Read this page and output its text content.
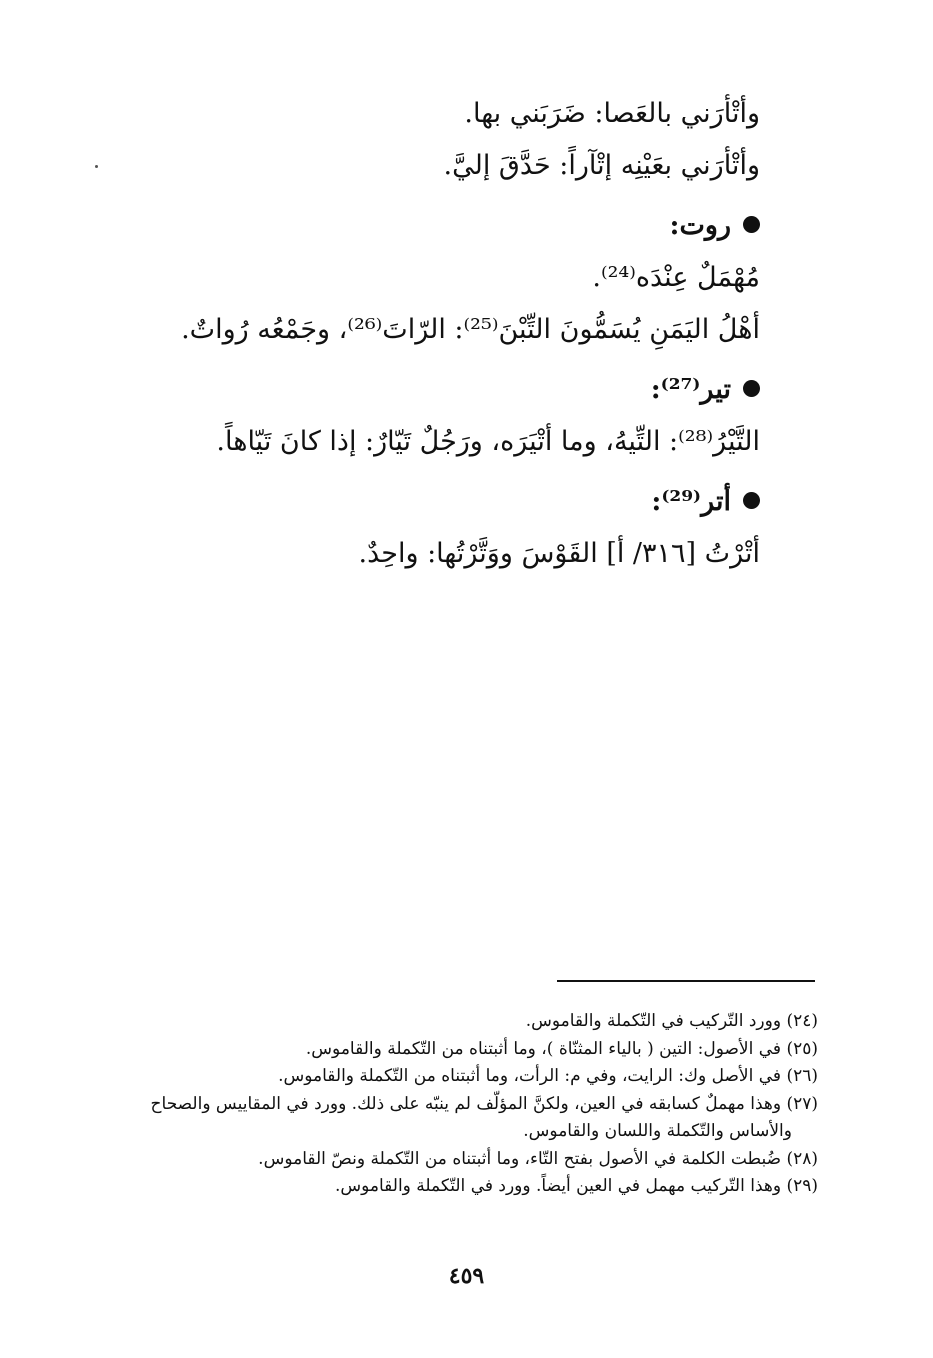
وأتْأرَني بالعَصا: ضَرَبَني بها.

وأتْأرَني بعَيْنِه إتْآراً: حَدَّقَ إليَّ.

روت:

مُهْمَلٌ عِنْدَه⁽²⁴⁾.

أهْلُ اليَمَنِ يُسَمُّونَ التِّبْنَ⁽²⁵⁾: الرّاتَ⁽²⁶⁾، وجَمْعُه رُواتٌ.

تير⁽²⁷⁾:

التَّيْرُ⁽²⁸⁾: التِّيهُ، وما أتْيَرَه، ورَجُلٌ تَيّارٌ: إذا كانَ تَيّاهاً.

أتر⁽²⁹⁾:

أتْرْتُ [٣١٦/ أ] القَوْسَ ووَتَّرْتُها: واحِدٌ.

(٢٤) وورد التّركيب في التّكملة والقاموس.

(٢٥) في الأصول: التين ( بالياء المثنّاة )، وما أثبتناه من التّكملة والقاموس.

(٢٦) في الأصل وك: الرايت، وفي م: الرأت، وما أثبتناه من التّكملة والقاموس.

(٢٧) وهذا مهملٌ كسابقه في العين، ولكنَّ المؤلّف لم ينبّه على ذلك. وورد في المقاييس والصحاح

والأساس والتّكملة واللسان والقاموس.

(٢٨) ضُبطت الكلمة في الأصول بفتح التّاء، وما أثبتناه من التّكملة ونصّ القاموس.

(٢٩) وهذا التّركيب مهمل في العين أيضاً. وورد في التّكملة والقاموس.

٤٥٩
